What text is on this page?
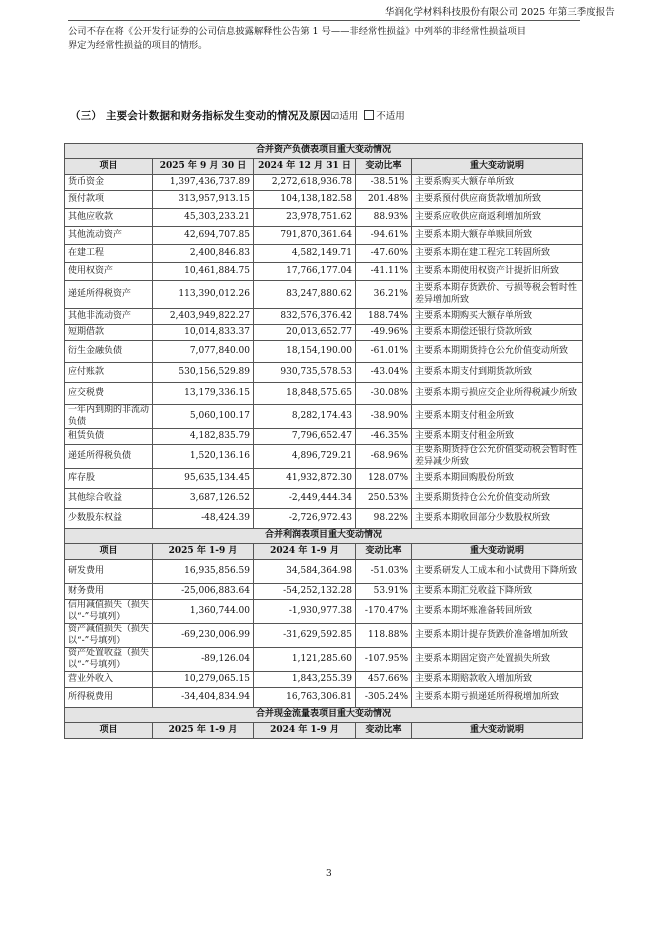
华润化学材料科技股份有限公司 2025 年第三季度报告
公司不存在将《公开发行证券的公司信息披露解释性公告第 1 号——非经常性损益》中列举的非经常性损益项目
界定为经常性损益的项目的情形。
（三） 主要会计数据和财务指标发生变动的情况及原因☑适用 不适用
合并资产负债表项目重大变动情况				
项目	2025 年 9 月 30 日	2024 年 12 月 31 日	变动比率	重大变动说明
货币资金	1,397,436,737.89	2,272,618,936.78	-38.51%	主要系购买大额存单所致
预付款项	313,957,913.15	104,138,182.58	201.48%	主要系预付供应商货款增加所致
其他应收款	45,303,233.21	23,978,751.62	88.93%	主要系应收供应商返利增加所致
其他流动资产	42,694,707.85	791,870,361.64	-94.61%	主要系本期大额存单赎回所致
在建工程	2,400,846.83	4,582,149.71	-47.60%	主要系本期在建工程完工转固所致
使用权资产	10,461,884.75	17,766,177.04	-41.11%	主要系本期使用权资产计提折旧所致
递延所得税资产	113,390,012.26	83,247,880.62	36.21%	主要系本期存货跌价、亏损等税会暂时性差异增加所致
其他非流动资产	2,403,949,822.27	832,576,376.42	188.74%	主要系本期购买大额存单所致
短期借款	10,014,833.37	20,013,652.77	-49.96%	主要系本期偿还银行贷款所致
衍生金融负债	7,077,840.00	18,154,190.00	-61.01%	主要系本期期货持仓公允价值变动所致
应付账款	530,156,529.89	930,735,578.53	-43.04%	主要系本期支付到期货款所致
应交税费	13,179,336.15	18,848,575.65	-30.08%	主要系本期亏损应交企业所得税减少所致
一年内到期的非流动负债	5,060,100.17	8,282,174.43	-38.90%	主要系本期支付租金所致
租赁负债	4,182,835.79	7,796,652.47	-46.35%	主要系本期支付租金所致
递延所得税负债	1,520,136.16	4,896,729.21	-68.96%	主要系期货持仓公允价值变动税会暂时性差异减少所致
库存股	95,635,134.45	41,932,872.30	128.07%	主要系本期回购股份所致
其他综合收益	3,687,126.52	-2,449,444.34	250.53%	主要系期货持仓公允价值变动所致
少数股东权益	-48,424.39	-2,726,972.43	98.22%	主要系本期收回部分少数股权所致
合并利润表项目重大变动情况				
项目	2025 年 1-9 月	2024 年 1-9 月	变动比率	重大变动说明
研发费用	16,935,856.59	34,584,364.98	-51.03%	主要系研发人工成本和小试费用下降所致
财务费用	-25,006,883.64	-54,252,132.28	53.91%	主要系本期汇兑收益下降所致
信用减值损失（损失以“-”号填列）	1,360,744.00	-1,930,977.38	-170.47%	主要系本期坏账准备转回所致
资产减值损失（损失以“-”号填列）	-69,230,006.99	-31,629,592.85	118.88%	主要系本期计提存货跌价准备增加所致
资产处置收益（损失以“-”号填列）	-89,126.04	1,121,285.60	-107.95%	主要系本期固定资产处置损失所致
营业外收入	10,279,065.15	1,843,255.39	457.66%	主要系本期赔款收入增加所致
所得税费用	-34,404,834.94	16,763,306.81	-305.24%	主要系本期亏损递延所得税增加所致
合并现金流量表项目重大变动情况				
项目	2025 年 1-9 月	2024 年 1-9 月	变动比率	重大变动说明
3
